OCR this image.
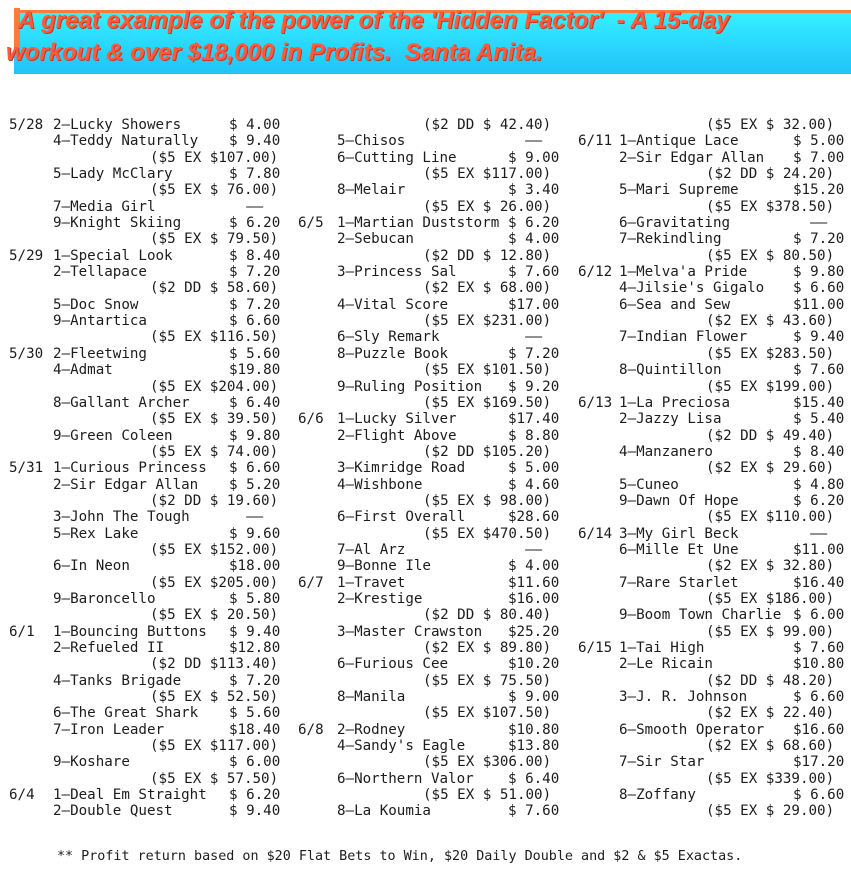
A great example of the power of the 'Hidden Factor'  - A 15-day

workout & over $18,000 in Profits.  Santa Anita.

5/28 2–Lucky Showers	$ 4.00
4–Teddy Naturally $ 9.40
($5 EX $107.00)
5–Lady McClary	$ 7.80
($5 EX $ 76.00)
7–Media Girl	——
9–Knight Skiing	$ 6.20
($5 EX $ 79.50)
5/29 1–Special Look	$ 8.40
2–Tellapace	$ 7.20
($2 DD $ 58.60)
5–Doc Snow	$ 7.20
9–Antartica	$ 6.60
($5 EX $116.50)
5/30 2–Fleetwing	$ 5.60
4–Admat	$19.80
($5 EX $204.00)
8–Gallant Archer	$ 6.40
($5 EX $ 39.50)
9–Green Coleen	$ 9.80
($5 EX $ 74.00)
5/31 1–Curious Princess $ 6.60
2–Sir Edgar Allan $ 5.20
($2 DD $ 19.60)
3–John The Tough	——
5–Rex Lake	$ 9.60
($5 EX $152.00)
6–In Neon	$18.00
($5 EX $205.00)
9–Baroncello	$ 5.80
($5 EX $ 20.50)
6/1 1–Bouncing Buttons $ 9.40
2–Refueled II	$12.80
($2 DD $113.40)
4–Tanks Brigade	$ 7.20
($5 EX $ 52.50)
6–The Great Shark $ 5.60
7–Iron Leader	$18.40
($5 EX $117.00)
9–Koshare	$ 6.00
($5 EX $ 57.50)
6/4 1–Deal Em Straight $ 6.20
2–Double Quest	$ 9.40
($2 DD $ 42.40)
5–Chisos	——
6–Cutting Line	$ 9.00
($5 EX $117.00)
8–Melair	$ 3.40
($5 EX $ 26.00)
6/5 1–Martian Duststorm $ 6.20
2–Sebucan	$ 4.00
($2 DD $ 12.80)
3–Princess Sal	$ 7.60
($2 EX $ 68.00)
4–Vital Score	$17.00
($5 EX $231.00)
6–Sly Remark	——
8–Puzzle Book	$ 7.20
($5 EX $101.50)
9–Ruling Position $ 9.20
($5 EX $169.50)
6/6 1–Lucky Silver	$17.40
2–Flight Above	$ 8.80
($2 DD $105.20)
3–Kimridge Road	$ 5.00
4–Wishbone	$ 4.60
($5 EX $ 98.00)
6–First Overall	$28.60
($5 EX $470.50)
7–Al Arz	——
9–Bonne Ile	$ 4.00
6/7 1–Travet	$11.60
2–Krestige	$16.00
($2 DD $ 80.40)
3–Master Crawston $25.20
($2 EX $ 89.80)
6–Furious Cee	$10.20
($5 EX $ 75.50)
8–Manila	$ 9.00
($5 EX $107.50)
6/8 2–Rodney	$10.80
4–Sandy's Eagle	$13.80
($5 EX $306.00)
6–Northern Valor $ 6.40
($5 EX $ 51.00)
8–La Koumia	$ 7.60
($5 EX $ 32.00)
6/11 1–Antique Lace	$ 5.00
2–Sir Edgar Allan $ 7.00
($2 DD $ 24.20)
5–Mari Supreme	$15.20
($5 EX $378.50)
6–Gravitating	——
7–Rekindling	$ 7.20
($5 EX $ 80.50)
6/12 1–Melva'a Pride	$ 9.80
4–Jilsie's Gigalo $ 6.60
6–Sea and Sew	$11.00
($2 EX $ 43.60)
7–Indian Flower	$ 9.40
($5 EX $283.50)
8–Quintillon	$ 7.60
($5 EX $199.00)
6/13 1–La Preciosa	$15.40
2–Jazzy Lisa	$ 5.40
($2 DD $ 49.40)
4–Manzanero	$ 8.40
($2 EX $ 29.60)
5–Cuneo	$ 4.80
9–Dawn Of Hope	$ 6.20
($5 EX $110.00)
6/14 3–My Girl Beck	——
6–Mille Et Une	$11.00
($2 EX $ 32.80)
7–Rare Starlet	$16.40
($5 EX $186.00)
9–Boom Town Charlie $ 6.00
($5 EX $ 99.00)
6/15 1–Tai High	$ 7.60
2–Le Ricain	$10.80
($2 DD $ 48.20)
3–J. R. Johnson	$ 6.60
($2 EX $ 22.40)
6–Smooth Operator $16.60
($2 EX $ 68.60)
7–Sir Star	$17.20
($5 EX $339.00)
8–Zoffany	$ 6.60
($5 EX $ 29.00)
** Profit return based on $20 Flat Bets to Win, $20 Daily Double and $2 & $5 Exactas.
